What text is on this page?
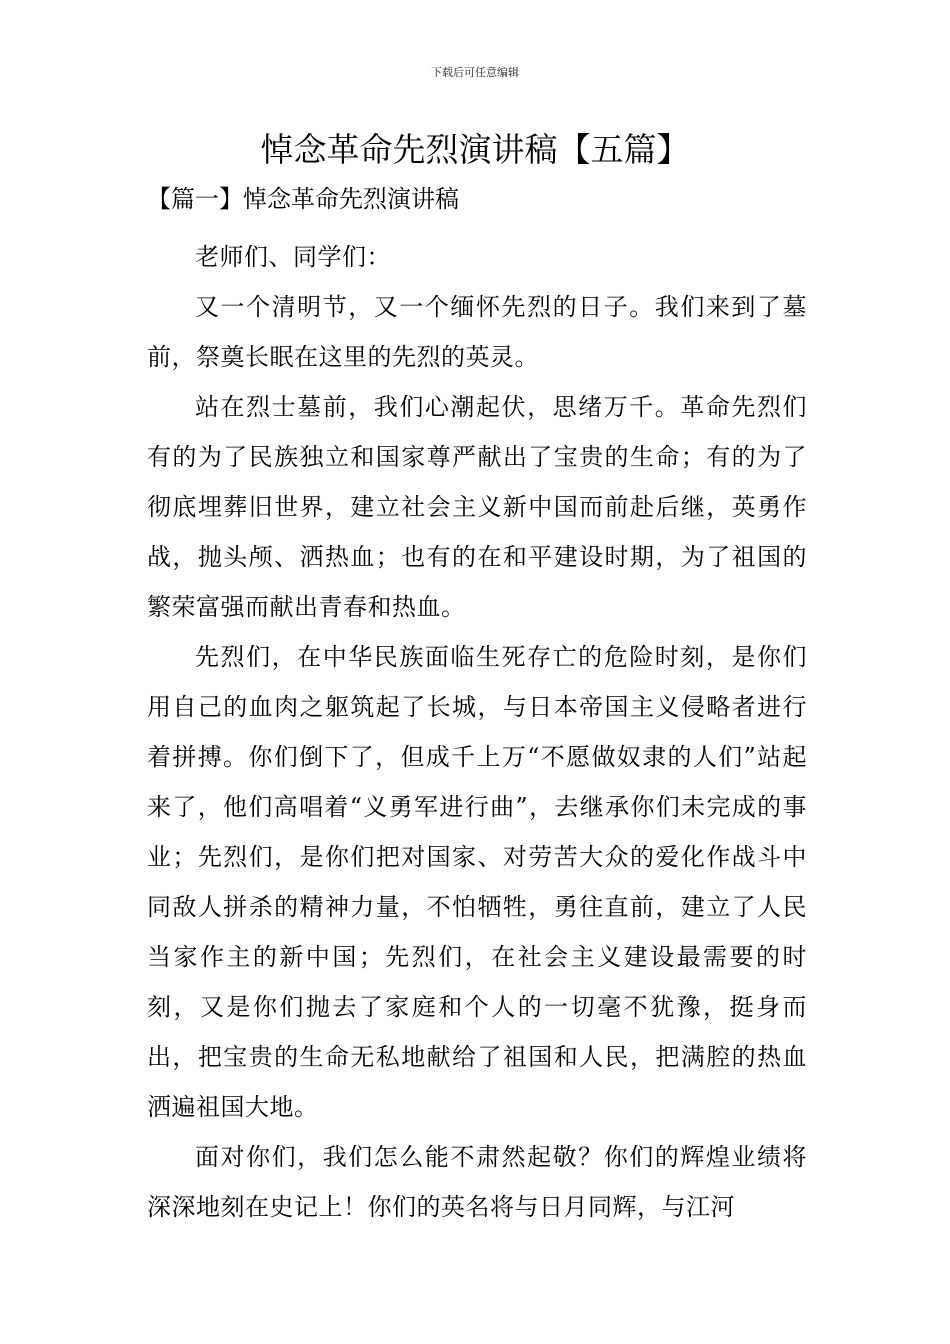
下载后可任意编辑
悼念革命先烈演讲稿【五篇】
【篇一】悼念革命先烈演讲稿

老师们、同学们：

又一个清明节，又一个缅怀先烈的日子。我们来到了墓前，祭奠长眠在这里的先烈的英灵。

站在烈士墓前，我们心潮起伏，思绪万千。革命先烈们有的为了民族独立和国家尊严献出了宝贵的生命；有的为了彻底埋葬旧世界，建立社会主义新中国而前赴后继，英勇作战，抛头颅、洒热血；也有的在和平建设时期，为了祖国的繁荣富强而献出青春和热血。

先烈们，在中华民族面临生死存亡的危险时刻，是你们用自己的血肉之躯筑起了长城，与日本帝国主义侵略者进行着拼搏。你们倒下了，但成千上万“不愿做奴隶的人们”站起来了，他们高唱着“义勇军进行曲”，去继承你们未完成的事业；先烈们，是你们把对国家、对劳苦大众的爱化作战斗中同敌人拼杀的精神力量，不怕牺牲，勇往直前，建立了人民当家作主的新中国；先烈们，在社会主义建设最需要的时刻，又是你们抛去了家庭和个人的一切毫不犹豫，挺身而出，把宝贵的生命无私地献给了祖国和人民，把满腔的热血洒遍祖国大地。

面对你们，我们怎么能不肃然起敬？你们的辉煌业绩将深深地刻在史记上！你们的英名将与日月同辉，与江河
